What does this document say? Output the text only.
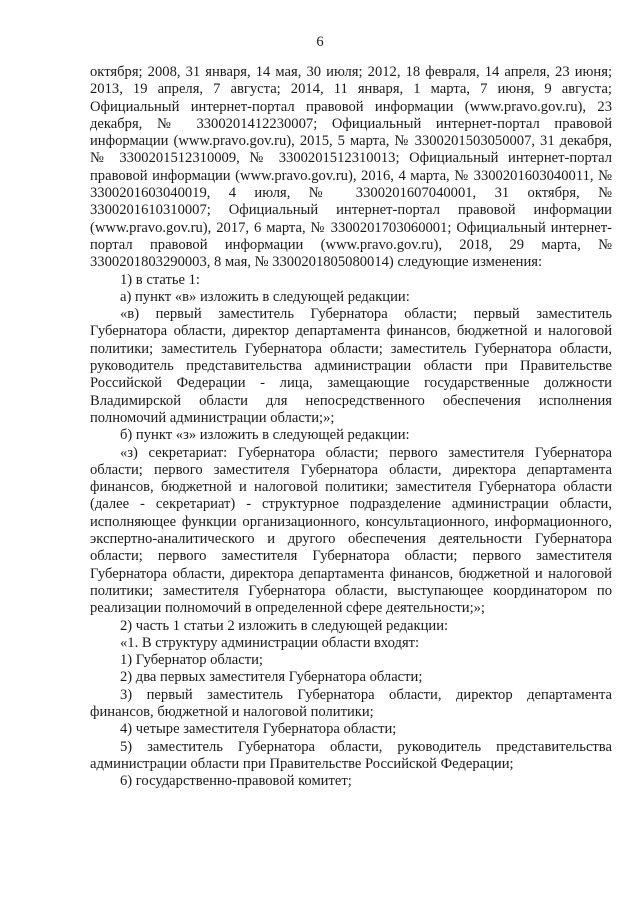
6

октября; 2008, 31 января, 14 мая, 30 июля; 2012, 18 февраля, 14 апреля, 23 июня; 2013, 19 апреля, 7 августа; 2014, 11 января, 1 марта, 7 июня, 9 августа; Официальный интернет-портал правовой информации (www.pravo.gov.ru), 23 декабря, № 3300201412230007; Официальный интернет-портал правовой информации (www.pravo.gov.ru), 2015, 5 марта, № 3300201503050007, 31 декабря, № 3300201512310009, № 3300201512310013; Официальный интернет-портал правовой информации (www.pravo.gov.ru), 2016, 4 марта, № 3300201603040011, № 3300201603040019, 4 июля, № 3300201607040001, 31 октября, № 3300201610310007; Официальный интернет-портал правовой информации (www.pravo.gov.ru), 2017, 6 марта, № 3300201703060001; Официальный интернет-портал правовой информации (www.pravo.gov.ru), 2018, 29 марта, № 3300201803290003, 8 мая, № 3300201805080014) следующие изменения:

1) в статье 1:

а) пункт «в» изложить в следующей редакции:

«в) первый заместитель Губернатора области; первый заместитель Губернатора области, директор департамента финансов, бюджетной и налоговой политики; заместитель Губернатора области; заместитель Губернатора области, руководитель представительства администрации области при Правительстве Российской Федерации - лица, замещающие государственные должности Владимирской области для непосредственного обеспечения исполнения полномочий администрации области;»;

б) пункт «з» изложить в следующей редакции:

«з) секретариат: Губернатора области; первого заместителя Губернатора области; первого заместителя Губернатора области, директора департамента финансов, бюджетной и налоговой политики; заместителя Губернатора области (далее - секретариат) - структурное подразделение администрации области, исполняющее функции организационного, консультационного, информационного, экспертно-аналитического и другого обеспечения деятельности Губернатора области; первого заместителя Губернатора области; первого заместителя Губернатора области, директора департамента финансов, бюджетной и налоговой политики; заместителя Губернатора области, выступающее координатором по реализации полномочий в определенной сфере деятельности;»;

2) часть 1 статьи 2 изложить в следующей редакции:

«1. В структуру администрации области входят:

1) Губернатор области;

2) два первых заместителя Губернатора области;

3) первый заместитель Губернатора области, директор департамента финансов, бюджетной и налоговой политики;

4) четыре заместителя Губернатора области;

5) заместитель Губернатора области, руководитель представительства администрации области при Правительстве Российской Федерации;

6) государственно-правовой комитет;
